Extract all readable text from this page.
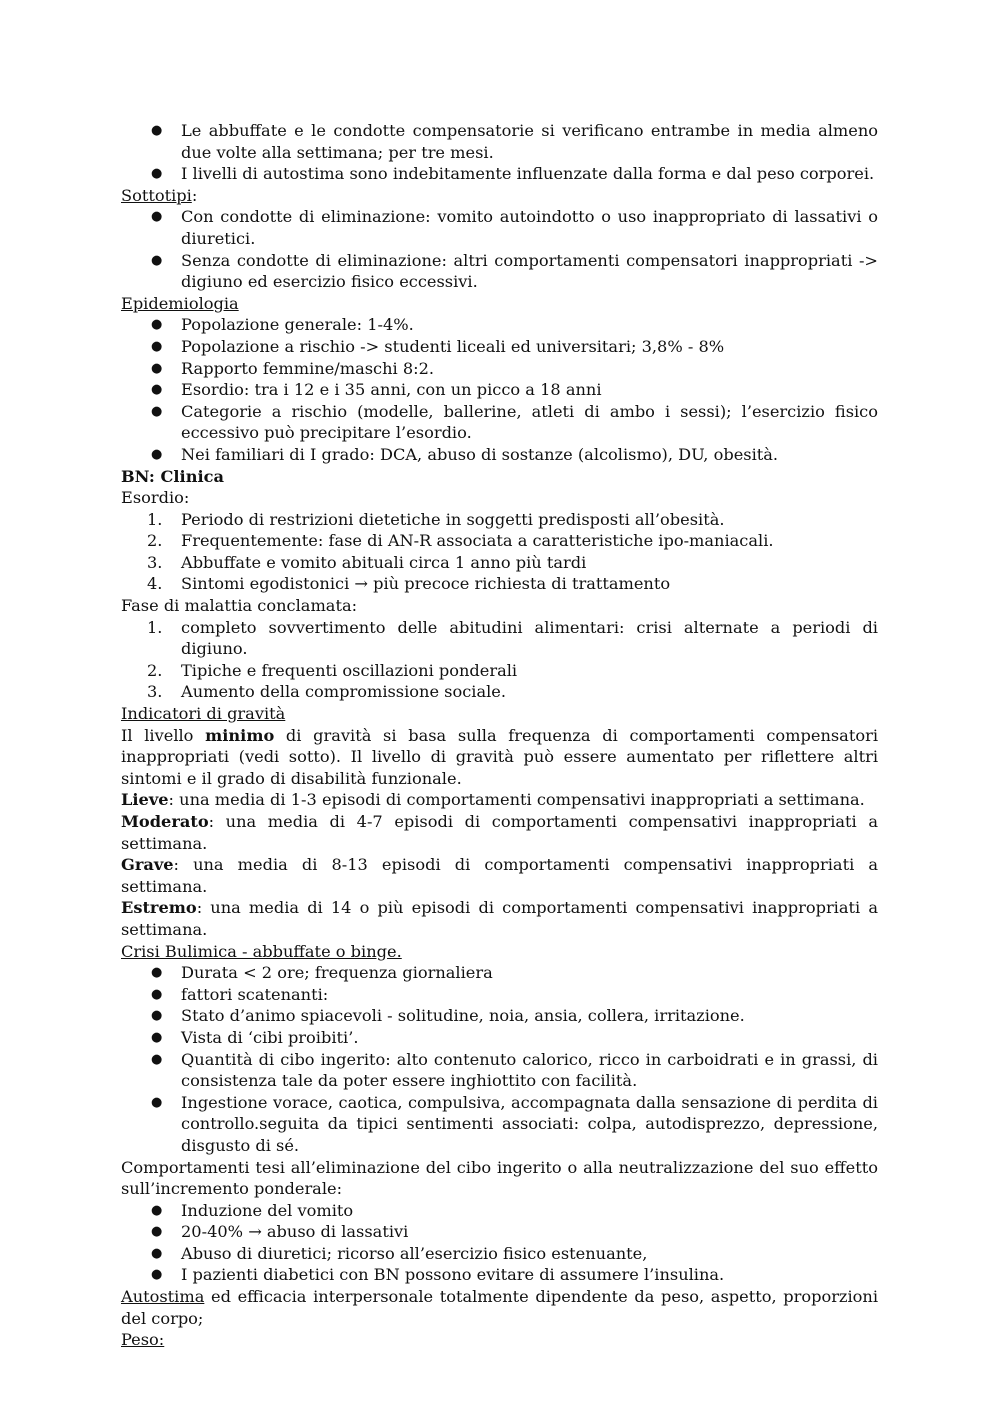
● Le abbuffate e le condotte compensatorie si verificano entrambe in media almeno due volte alla settimana; per tre mesi.
● I livelli di autostima sono indebitamente influenzate dalla forma e dal peso corporei.

Sottotipi:

● Con condotte di eliminazione: vomito autoindotto o uso inappropriato di lassativi o diuretici.
● Senza condotte di eliminazione: altri comportamenti compensatori inappropriati -> digiuno ed esercizio fisico eccessivi.

Epidemiologia

● Popolazione generale: 1-4%.
● Popolazione a rischio -> studenti liceali ed universitari; 3,8% - 8%
● Rapporto femmine/maschi 8:2.
● Esordio: tra i 12 e i 35 anni, con un picco a 18 anni
● Categorie a rischio (modelle, ballerine, atleti di ambo i sessi); l’esercizio fisico eccessivo può precipitare l’esordio.
● Nei familiari di I grado: DCA, abuso di sostanze (alcolismo), DU, obesità.

BN: Clinica

Esordio:

1. Periodo di restrizioni dietetiche in soggetti predisposti all’obesità.
2. Frequentemente: fase di AN-R associata a caratteristiche ipo-maniacali.
3. Abbuffate e vomito abituali circa 1 anno più tardi
4. Sintomi egodistonici → più precoce richiesta di trattamento

Fase di malattia conclamata:

1. completo sovvertimento delle abitudini alimentari: crisi alternate a periodi di digiuno.
2. Tipiche e frequenti oscillazioni ponderali
3. Aumento della compromissione sociale.

Indicatori di gravità

Il livello minimo di gravità si basa sulla frequenza di comportamenti compensatori inappropriati (vedi sotto). Il livello di gravità può essere aumentato per riflettere altri sintomi e il grado di disabilità funzionale.

Lieve: una media di 1-3 episodi di comportamenti compensativi inappropriati a settimana.

Moderato: una media di 4-7 episodi di comportamenti compensativi inappropriati a settimana.

Grave: una media di 8-13 episodi di comportamenti compensativi inappropriati a settimana.

Estremo: una media di 14 o più episodi di comportamenti compensativi inappropriati a settimana.

Crisi Bulimica - abbuffate o binge.

● Durata < 2 ore; frequenza giornaliera
● fattori scatenanti:
● Stato d’animo spiacevoli - solitudine, noia, ansia, collera, irritazione.
● Vista di ‘cibi proibiti’.
● Quantità di cibo ingerito: alto contenuto calorico, ricco in carboidrati e in grassi, di consistenza tale da poter essere inghiottito con facilità.
● Ingestione vorace, caotica, compulsiva, accompagnata dalla sensazione di perdita di controllo.seguita da tipici sentimenti associati: colpa, autodisprezzo, depressione, disgusto di sé.

Comportamenti tesi all’eliminazione del cibo ingerito o alla neutralizzazione del suo effetto sull’incremento ponderale:

● Induzione del vomito
● 20-40% → abuso di lassativi
● Abuso di diuretici; ricorso all’esercizio fisico estenuante,
● I pazienti diabetici con BN possono evitare di assumere l’insulina.

Autostima ed efficacia interpersonale totalmente dipendente da peso, aspetto, proporzioni del corpo;

Peso:
